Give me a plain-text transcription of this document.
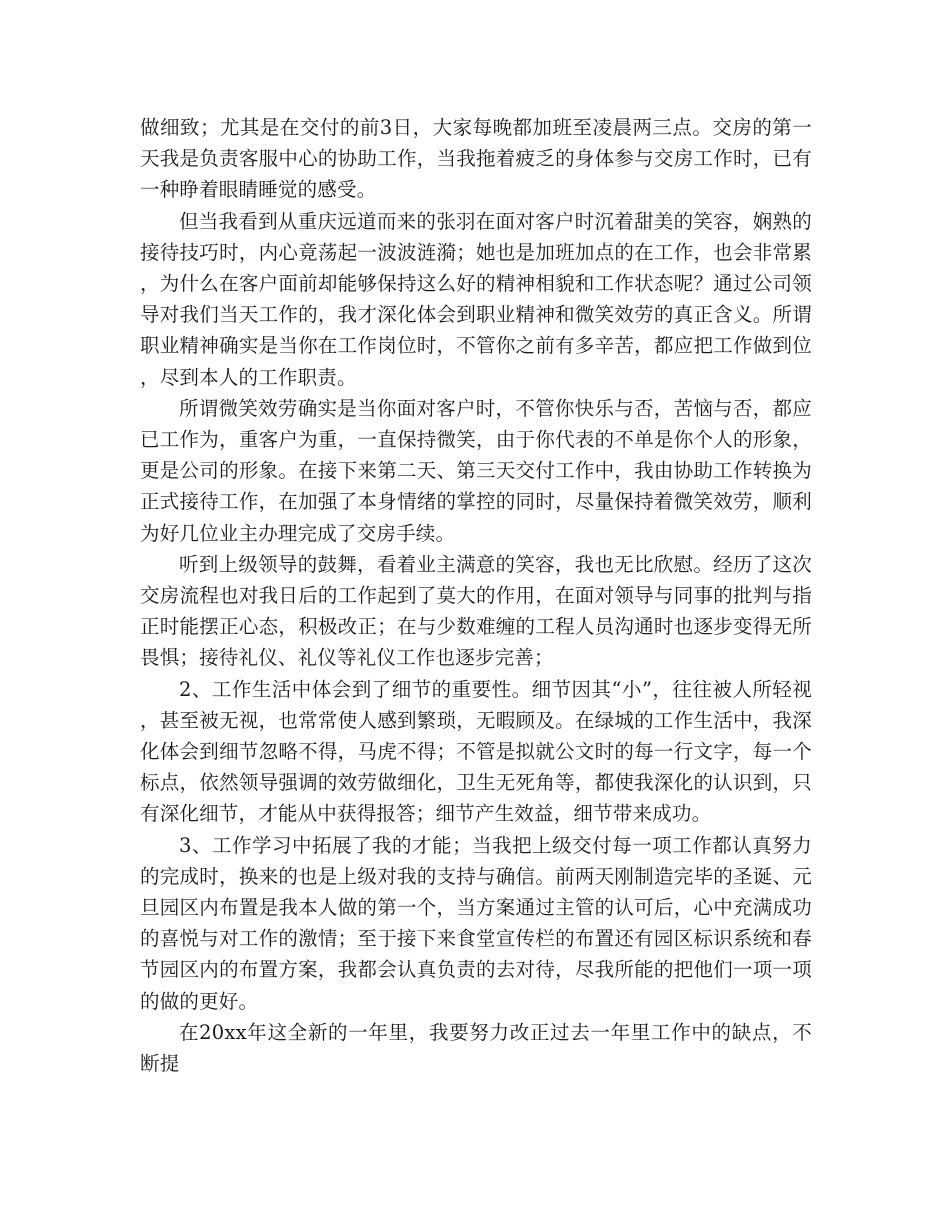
做细致；尤其是在交付的前3日，大家每晚都加班至凌晨两三点。交房的第一天我是负责客服中心的协助工作，当我拖着疲乏的身体参与交房工作时，已有一种睁着眼睛睡觉的感受。

但当我看到从重庆远道而来的张羽在面对客户时沉着甜美的笑容，娴熟的接待技巧时，内心竟荡起一波波涟漪；她也是加班加点的在工作，也会非常累，为什么在客户面前却能够保持这么好的精神相貌和工作状态呢？通过公司领导对我们当天工作的，我才深化体会到职业精神和微笑效劳的真正含义。所谓职业精神确实是当你在工作岗位时，不管你之前有多辛苦，都应把工作做到位，尽到本人的工作职责。

所谓微笑效劳确实是当你面对客户时，不管你快乐与否，苦恼与否，都应已工作为，重客户为重，一直保持微笑，由于你代表的不单是你个人的形象，更是公司的形象。在接下来第二天、第三天交付工作中，我由协助工作转换为正式接待工作，在加强了本身情绪的掌控的同时，尽量保持着微笑效劳，顺利为好几位业主办理完成了交房手续。

听到上级领导的鼓舞，看着业主满意的笑容，我也无比欣慰。经历了这次交房流程也对我日后的工作起到了莫大的作用，在面对领导与同事的批判与指正时能摆正心态，积极改正；在与少数难缠的工程人员沟通时也逐步变得无所畏惧；接待礼仪、礼仪等礼仪工作也逐步完善；

2、工作生活中体会到了细节的重要性。细节因其“小”，往往被人所轻视，甚至被无视，也常常使人感到繁琐，无暇顾及。在绿城的工作生活中，我深化体会到细节忽略不得，马虎不得；不管是拟就公文时的每一行文字，每一个标点，依然领导强调的效劳做细化，卫生无死角等，都使我深化的认识到，只有深化细节，才能从中获得报答；细节产生效益，细节带来成功。

3、工作学习中拓展了我的才能；当我把上级交付每一项工作都认真努力的完成时，换来的也是上级对我的支持与确信。前两天刚制造完毕的圣诞、元旦园区内布置是我本人做的第一个，当方案通过主管的认可后，心中充满成功的喜悦与对工作的激情；至于接下来食堂宣传栏的布置还有园区标识系统和春节园区内的布置方案，我都会认真负责的去对待，尽我所能的把他们一项一项的做的更好。

在20xx年这全新的一年里，我要努力改正过去一年里工作中的缺点，不断提
